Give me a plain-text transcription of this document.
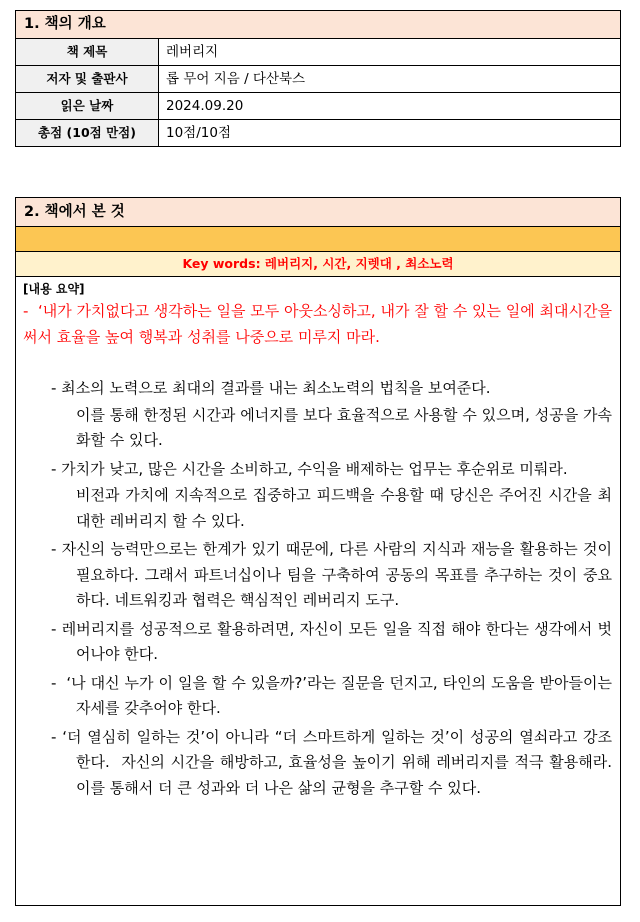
1. 책의 개요
책 제목	레버리지
저자 및 출판사	롭 무어 지음 / 다산북스
읽은 날짜	2024.09.20
총점 (10점 만점)	10점/10점
2. 책에서 본 것
Key words: 레버리지, 시간, 지렛대 , 최소노력
[내용 요약]
-  ‘내가 가치없다고 생각하는 일을 모두 아웃소싱하고, 내가 잘 할 수 있는 일에 최대시간을 써서 효율을 높여 행복과 성취를 나중으로 미루지 마라.
- 최소의 노력으로 최대의 결과를 내는 최소노력의 법칙을 보여준다.
이를 통해 한정된 시간과 에너지를 보다 효율적으로 사용할 수 있으며, 성공을 가속화할 수 있다.
- 가치가 낮고, 많은 시간을 소비하고, 수익을 배제하는 업무는 후순위로 미뤄라.
비전과 가치에 지속적으로 집중하고 피드백을 수용할 때 당신은 주어진 시간을 최대한 레버리지 할 수 있다.
- 자신의 능력만으로는 한계가 있기 때문에, 다른 사람의 지식과 재능을 활용하는 것이 필요하다. 그래서 파트너십이나 팀을 구축하여 공동의 목표를 추구하는 것이 중요하다. 네트워킹과 협력은 핵심적인 레버리지 도구.
- 레버리지를 성공적으로 활용하려면, 자신이 모든 일을 직접 해야 한다는 생각에서 벗어나야 한다.
-  ‘나 대신 누가 이 일을 할 수 있을까?’라는 질문을 던지고, 타인의 도움을 받아들이는 자세를 갖추어야 한다.
- ‘더 열심히 일하는 것’이 아니라 “더 스마트하게 일하는 것’이 성공의 열쇠라고 강조한다.  자신의 시간을 해방하고, 효율성을 높이기 위해 레버리지를 적극 활용해라. 이를 통해서 더 큰 성과와 더 나은 삶의 균형을 추구할 수 있다.
